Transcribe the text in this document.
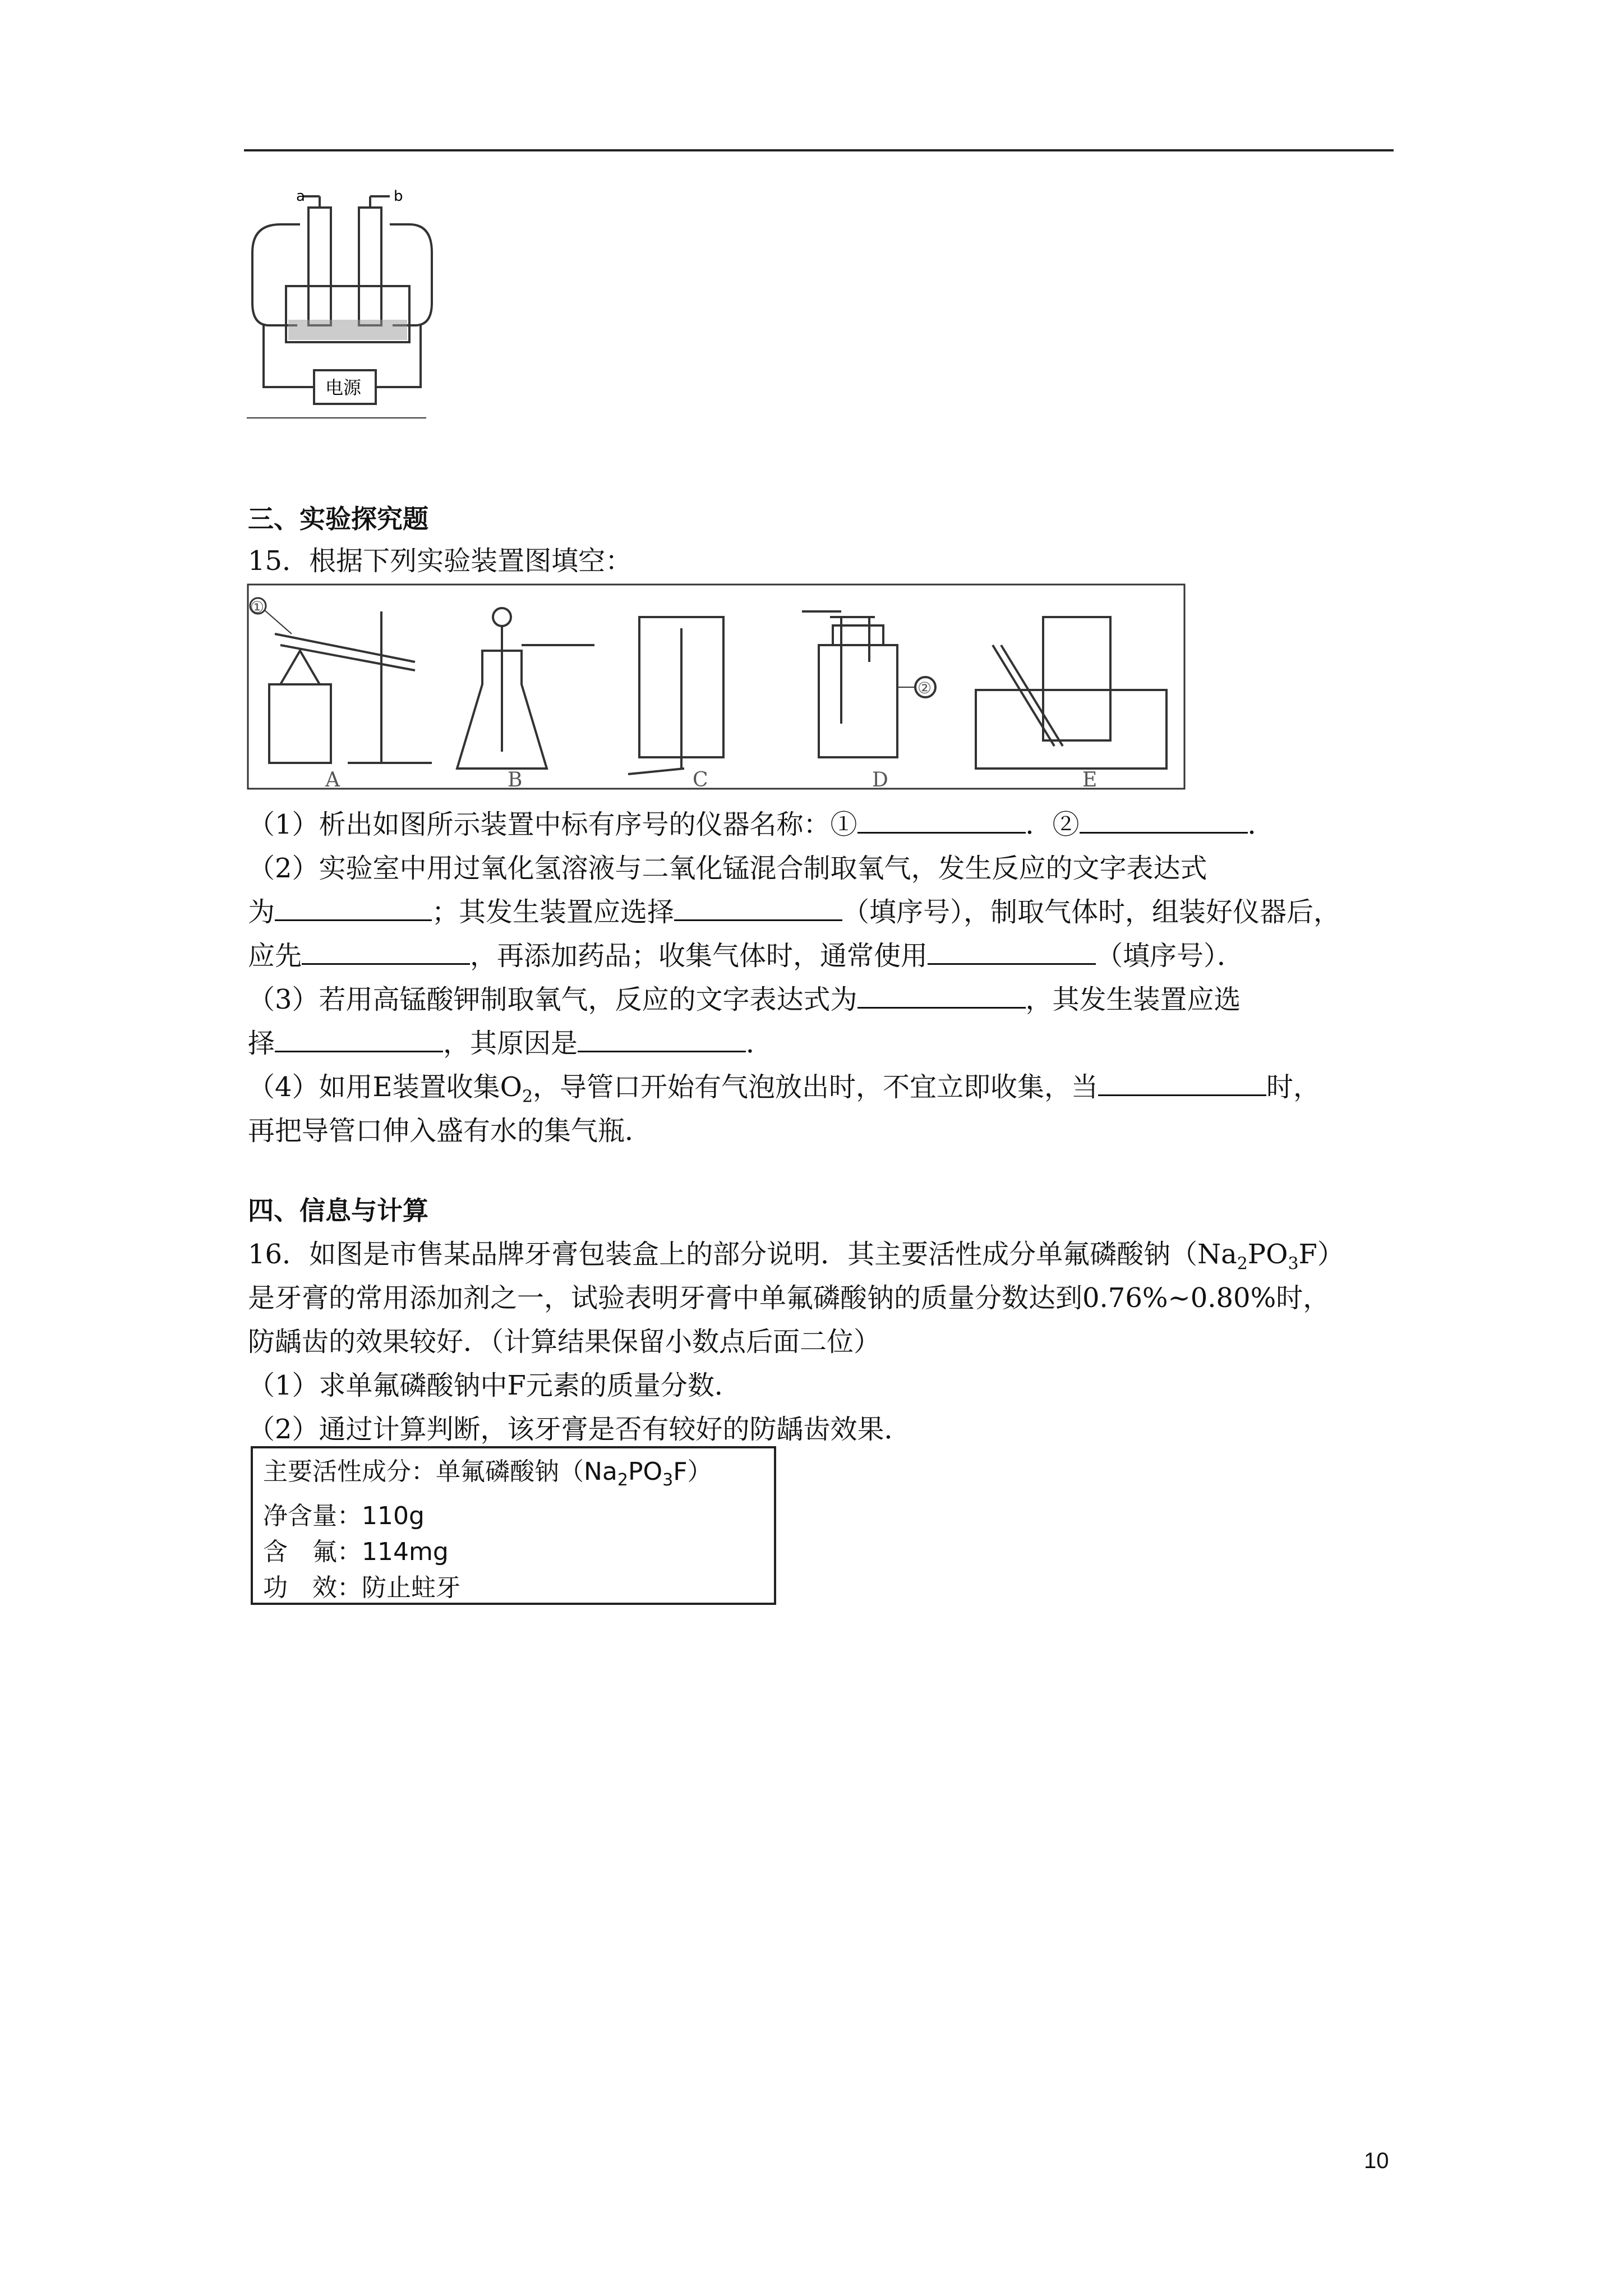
a	b
电源
三、实验探究题
15．根据下列实验装置图填空：
A	B	C	D	E
①
②
（1）析出如图所示装置中标有序号的仪器名称：①	．②	．
（2）实验室中用过氧化氢溶液与二氧化锰混合制取氧气，发生反应的文字表达式
为	；其发生装置应选择	（填序号），制取气体时，组装好仪器后，
应先	，再添加药品；收集气体时，通常使用	（填序号）．
（3）若用高锰酸钾制取氧气，反应的文字表达式为	，其发生装置应选
择	，其原因是	．
（4）如用E装置收集$O_2$，导管口开始有气泡放出时，不宜立即收集，当	时，
再把导管口伸入盛有水的集气瓶．
四、信息与计算
16．如图是市售某品牌牙膏包装盒上的部分说明．其主要活性成分单氟磷酸钠$(Na_2PO_3F)$
是牙膏的常用添加剂之一，试验表明牙膏中单氟磷酸钠的质量分数达到0.76%~0.80%时，
防龋齿的效果较好．（计算结果保留小数点后面二位）
（1）求单氟磷酸钠中F元素的质量分数．
（2）通过计算判断，该牙膏是否有较好的防龋齿效果．
主要活性成分：单氟磷酸钠$(Na_2PO_3F)$
净含量：110g
含　氟：114mg
功　效：防止蛀牙
10
